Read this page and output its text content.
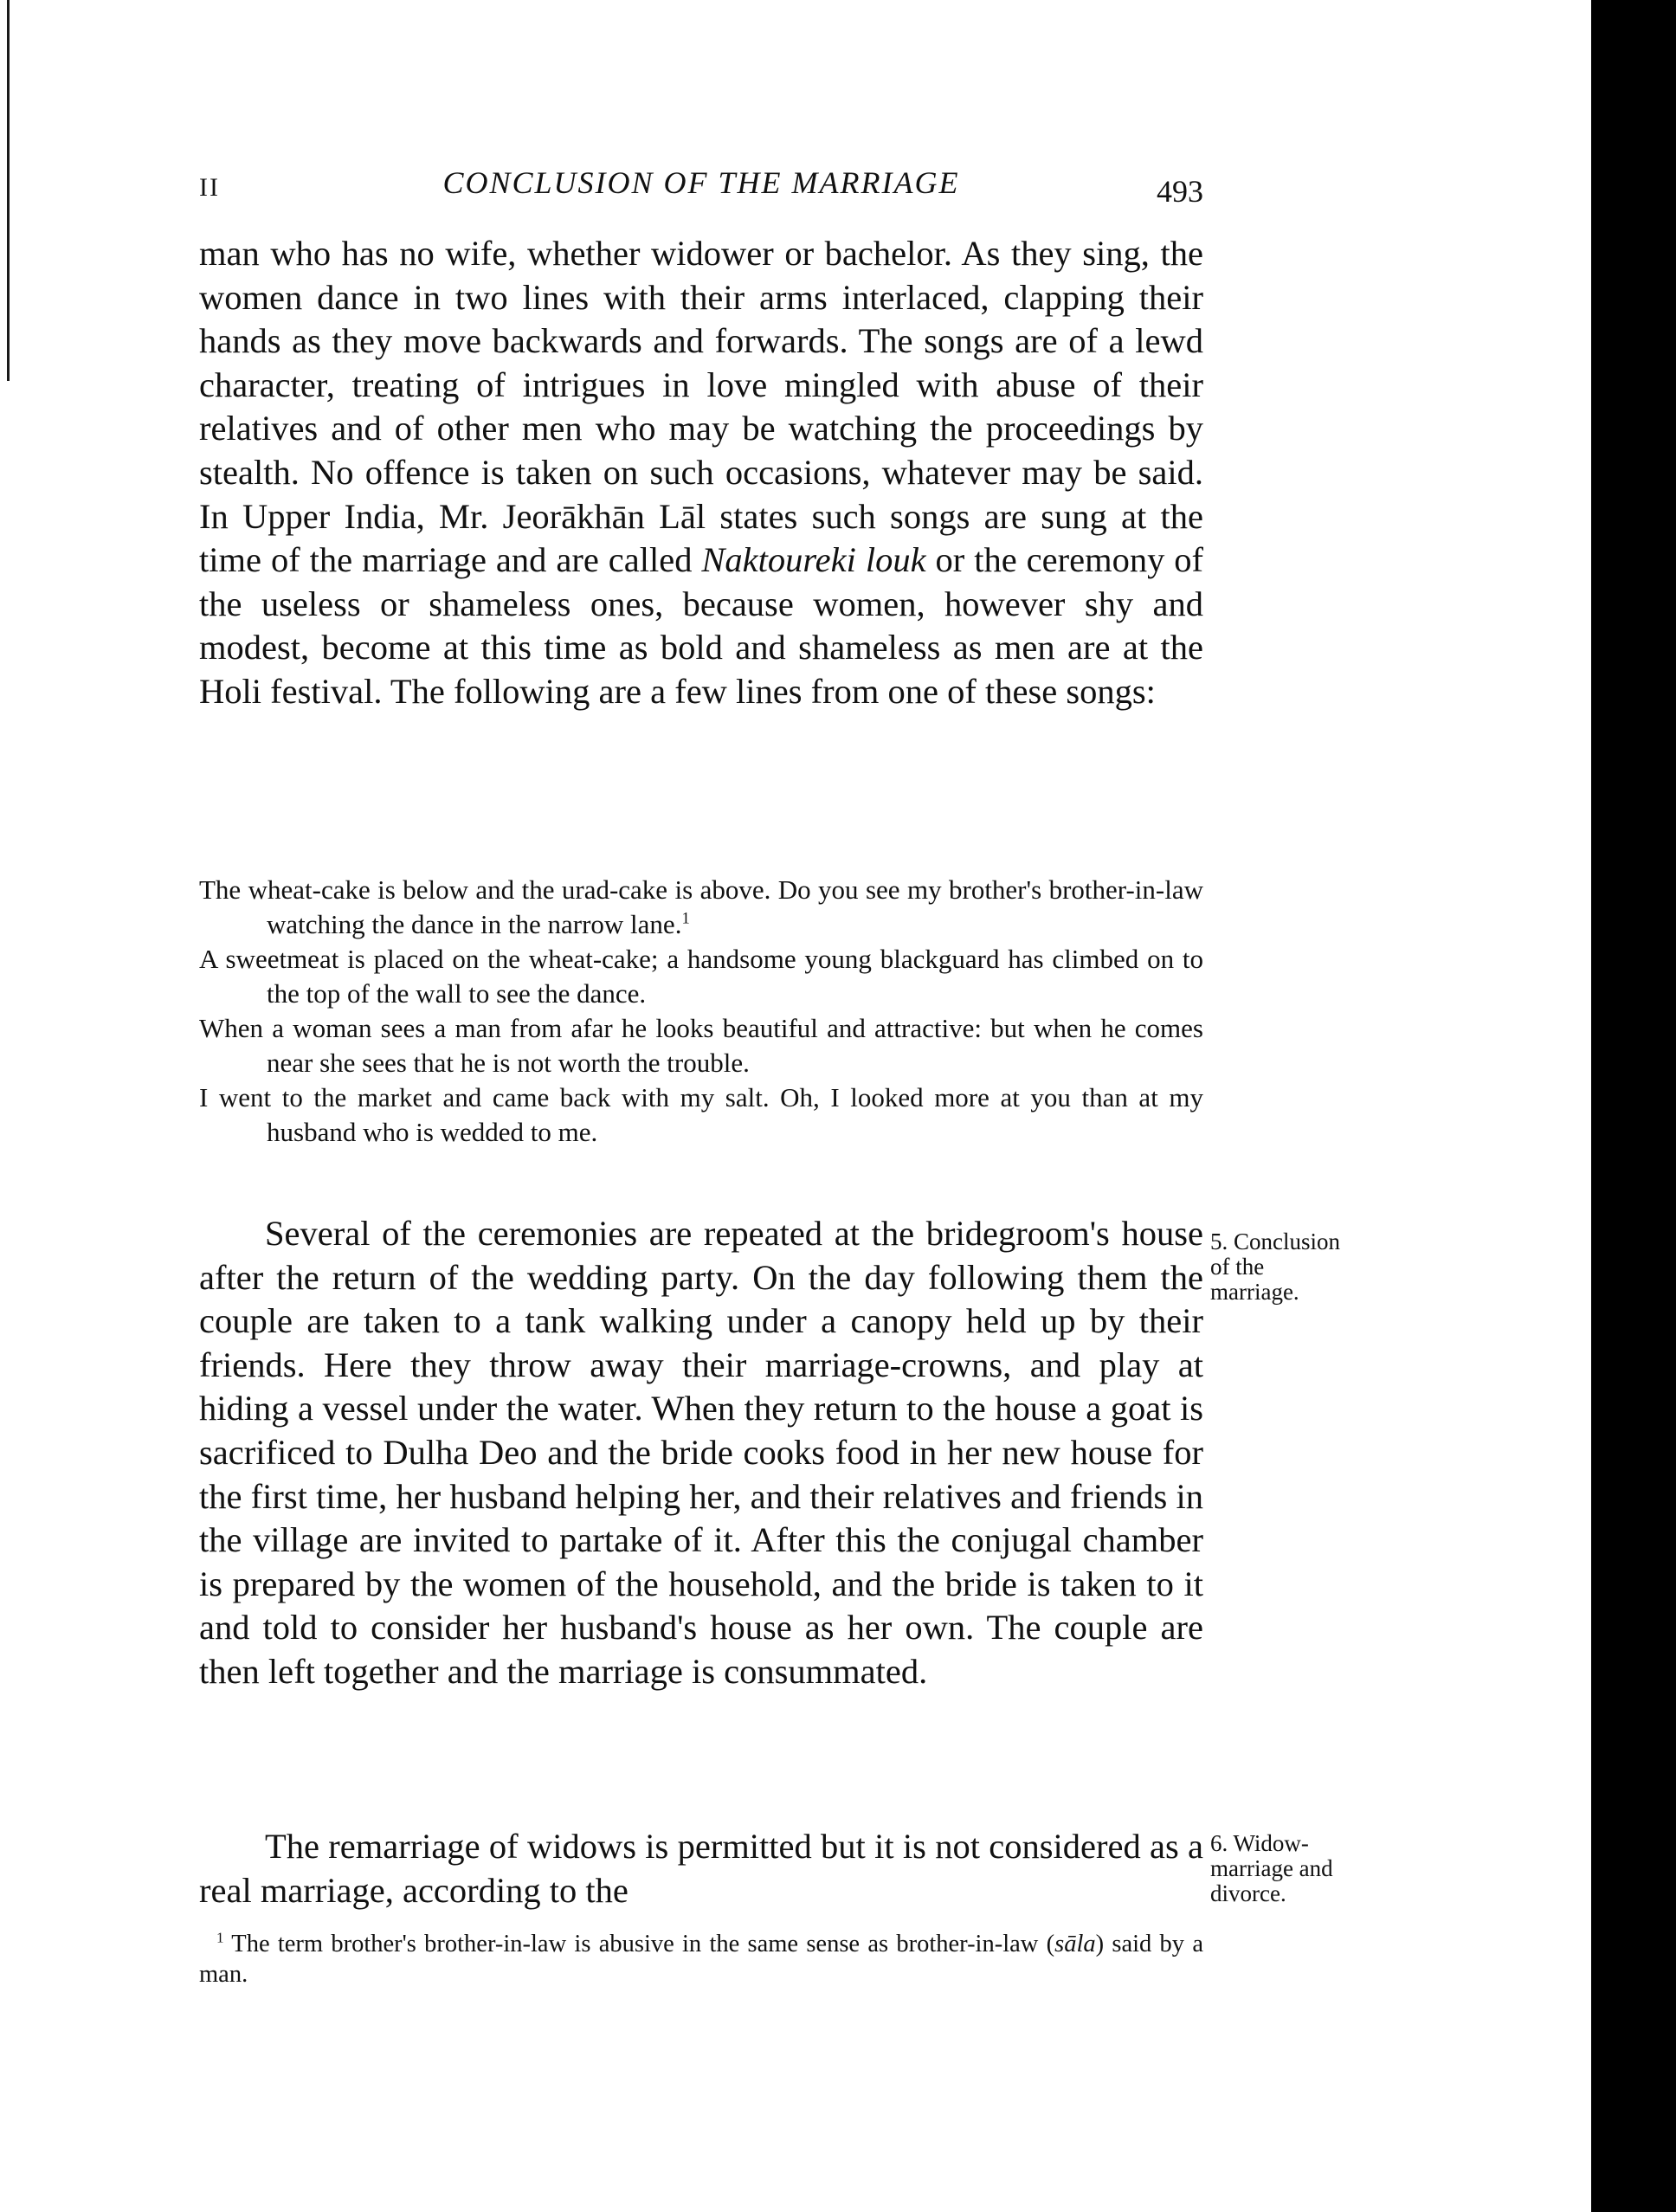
II	CONCLUSION OF THE MARRIAGE	493

man who has no wife, whether widower or bachelor. As they sing, the women dance in two lines with their arms interlaced, clapping their hands as they move backwards and forwards. The songs are of a lewd character, treating of intrigues in love mingled with abuse of their relatives and of other men who may be watching the proceedings by stealth. No offence is taken on such occasions, whatever may be said. In Upper India, Mr. Jeorākhān Lāl states such songs are sung at the time of the marriage and are called Naktoureki louk or the ceremony of the useless or shameless ones, because women, however shy and modest, become at this time as bold and shameless as men are at the Holi festival. The following are a few lines from one of these songs:

The wheat-cake is below and the urad-cake is above. Do you see my brother's brother-in-law watching the dance in the narrow lane.$^1$

A sweetmeat is placed on the wheat-cake; a handsome young blackguard has climbed on to the top of the wall to see the dance.

When a woman sees a man from afar he looks beautiful and attractive: but when he comes near she sees that he is not worth the trouble.

I went to the market and came back with my salt. Oh, I looked more at you than at my husband who is wedded to me.

Several of the ceremonies are repeated at the bridegroom's house after the return of the wedding party. On the day following them the couple are taken to a tank walking under a canopy held up by their friends. Here they throw away their marriage-crowns, and play at hiding a vessel under the water. When they return to the house a goat is sacrificed to Dulha Deo and the bride cooks food in her new house for the first time, her husband helping her, and their relatives and friends in the village are invited to partake of it. After this the conjugal chamber is prepared by the women of the household, and the bride is taken to it and told to consider her husband's house as her own. The couple are then left together and the marriage is consummated.

5. Conclusion of the marriage.

The remarriage of widows is permitted but it is not considered as a real marriage, according to the

6. Widow-marriage and divorce.

$^1$ The term brother's brother-in-law is abusive in the same sense as brother-in-law (sāla) said by a man.
